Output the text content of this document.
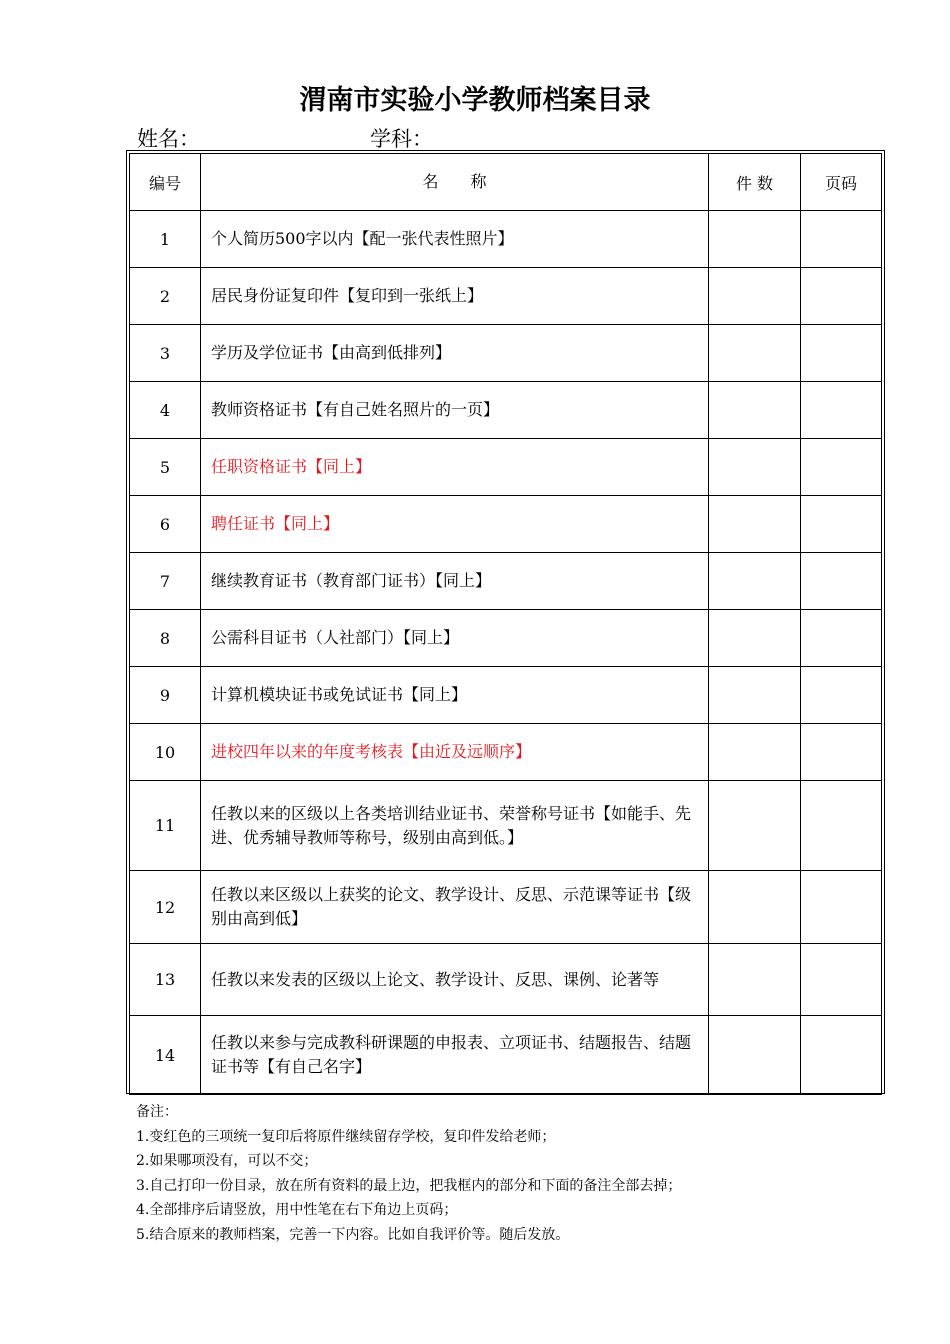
渭南市实验小学教师档案目录
姓名：	学科：
编号	名　　称	件 数	页码
1	个人简历500字以内【配一张代表性照片】		
2	居民身份证复印件【复印到一张纸上】		
3	学历及学位证书【由高到低排列】		
4	教师资格证书【有自己姓名照片的一页】		
5	任职资格证书【同上】		
6	聘任证书【同上】		
7	继续教育证书（教育部门证书）【同上】		
8	公需科目证书（人社部门）【同上】		
9	计算机模块证书或免试证书【同上】		
10	进校四年以来的年度考核表【由近及远顺序】		
11	任教以来的区级以上各类培训结业证书、荣誉称号证书【如能手、先进、优秀辅导教师等称号，级别由高到低。】		
12	任教以来区级以上获奖的论文、教学设计、反思、示范课等证书【级别由高到低】		
13	任教以来发表的区级以上论文、教学设计、反思、课例、论著等		
14	任教以来参与完成教科研课题的申报表、立项证书、结题报告、结题证书等【有自己名字】		
备注：
1.变红色的三项统一复印后将原件继续留存学校，复印件发给老师；
2.如果哪项没有，可以不交；
3.自己打印一份目录，放在所有资料的最上边，把我框内的部分和下面的备注全部去掉；
4.全部排序后请竖放，用中性笔在右下角边上页码；
5.结合原来的教师档案，完善一下内容。比如自我评价等。随后发放。
